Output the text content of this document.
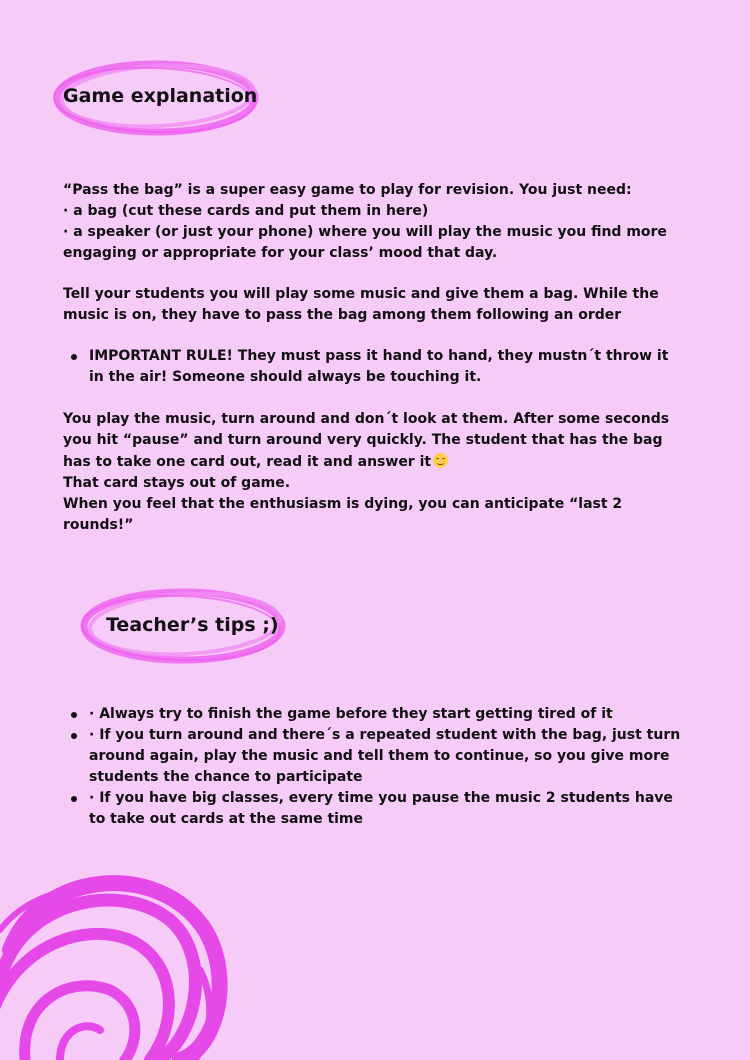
Game explanation
“Pass the bag” is a super easy game to play for revision. You just need:
· a bag (cut these cards and put them in here)
· a speaker (or just your phone) where you will play the music you find more
engaging or appropriate for your class’ mood that day.
Tell your students you will play some music and give them a bag. While the
music is on, they have to pass the bag among them following an order
IMPORTANT RULE! They must pass it hand to hand, they mustn´t throw it
in the air! Someone should always be touching it.
You play the music, turn around and don´t look at them. After some seconds
you hit “pause” and turn around very quickly. The student that has the bag
has to take one card out, read it and answer it
That card stays out of game.
When you feel that the enthusiasm is dying, you can anticipate “last 2
rounds!”
Teacher’s tips ;)
· Always try to finish the game before they start getting tired of it
· If you turn around and there´s a repeated student with the bag, just turn
around again, play the music and tell them to continue, so you give more
students the chance to participate
· If you have big classes, every time you pause the music 2 students have
to take out cards at the same time
